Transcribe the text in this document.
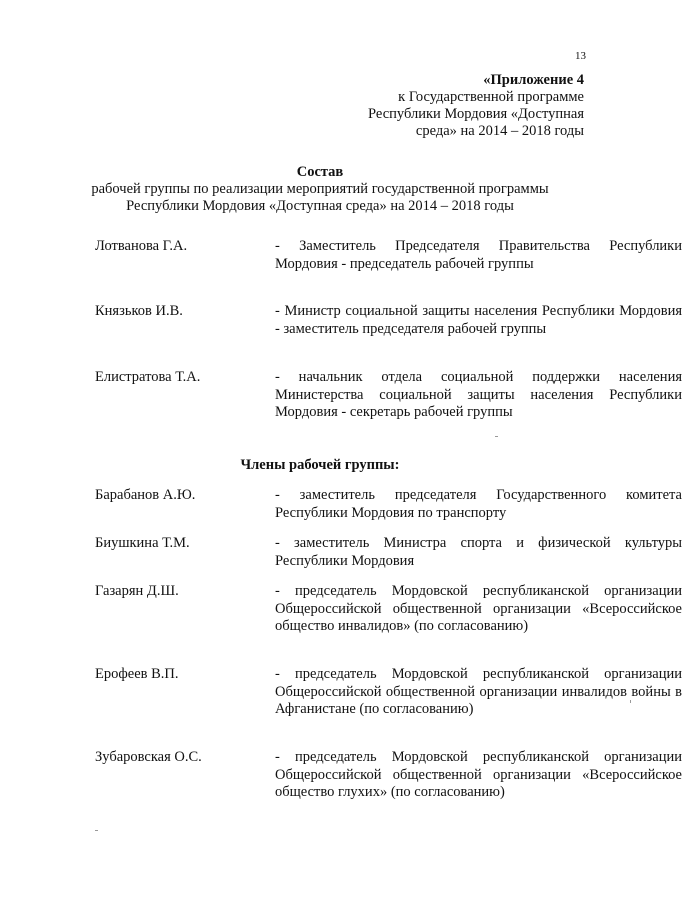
13
«Приложение 4
к Государственной программе
Республики Мордовия «Доступная
среда» на 2014 – 2018 годы
Состав
рабочей группы по реализации мероприятий государственной программы
Республики Мордовия «Доступная среда» на 2014 – 2018 годы
Лотванова Г.А.	- Заместитель Председателя Правительства Республики Мордовия - председатель рабочей группы
Князьков И.В.	- Министр социальной защиты населения Республики Мордовия - заместитель председателя рабочей группы
Елистратова Т.А.	- начальник отдела социальной поддержки населения Министерства социальной защиты населения Республики Мордовия - секретарь рабочей группы
Члены рабочей группы:
Барабанов А.Ю.	- заместитель председателя Государственного комитета Республики Мордовия по транспорту
Биушкина Т.М.	- заместитель Министра спорта и физической культуры Республики Мордовия
Газарян Д.Ш.	- председатель Мордовской республиканской организации Общероссийской общественной организации «Всероссийское общество инвалидов» (по согласованию)
Ерофеев В.П.	- председатель Мордовской республиканской организации Общероссийской общественной организации инвалидов войны в Афганистане (по согласованию)
Зубаровская О.С.	- председатель Мордовской республиканской организации Общероссийской общественной организации «Всероссийское общество глухих» (по согласованию)
